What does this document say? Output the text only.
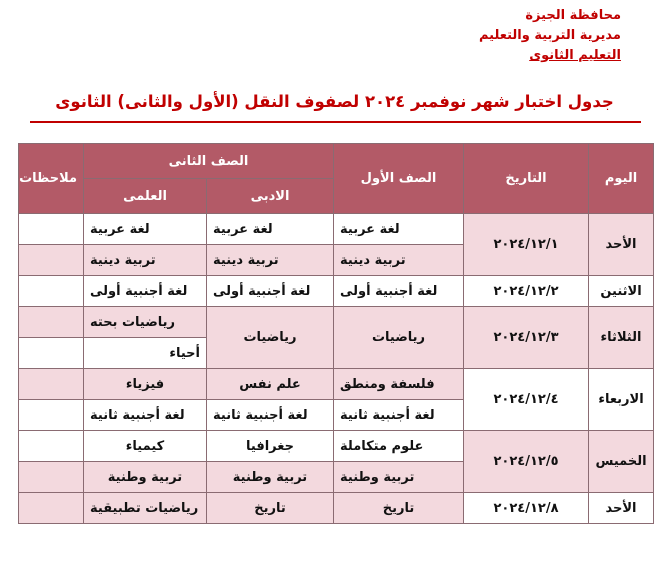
محافظة الجيزة
مديرية التربية والتعليم
التعليم الثانوى
جدول اختبار شهر نوفمبر ٢٠٢٤ لصفوف النقل (الأول والثانى) الثانوى
اليوم	التاريخ	الصف الأول	الصف الثانى		ملاحظات
			الادبى	العلمى	
الأحد	٢٠٢٤/١٢/١	لغة عربية	لغة عربية	لغة عربية	
		تربية دينية	تربية دينية	تربية دينية	
الاثنين	٢٠٢٤/١٢/٢	لغة أجنبية أولى	لغة أجنبية أولى	لغة أجنبية أولى	
الثلاثاء	٢٠٢٤/١٢/٣	رياضيات	رياضيات	رياضيات بحته	
				أحياء	
الاربعاء	٢٠٢٤/١٢/٤	فلسفة ومنطق	علم نفس	فيزياء	
		لغة أجنبية ثانية	لغة أجنبية ثانية	لغة أجنبية ثانية	
الخميس	٢٠٢٤/١٢/٥	علوم متكاملة	جغرافيا	كيمياء	
		تربية وطنية	تربية وطنية	تربية وطنية	
الأحد	٢٠٢٤/١٢/٨	تاريخ	تاريخ	رياضيات تطبيقية	
